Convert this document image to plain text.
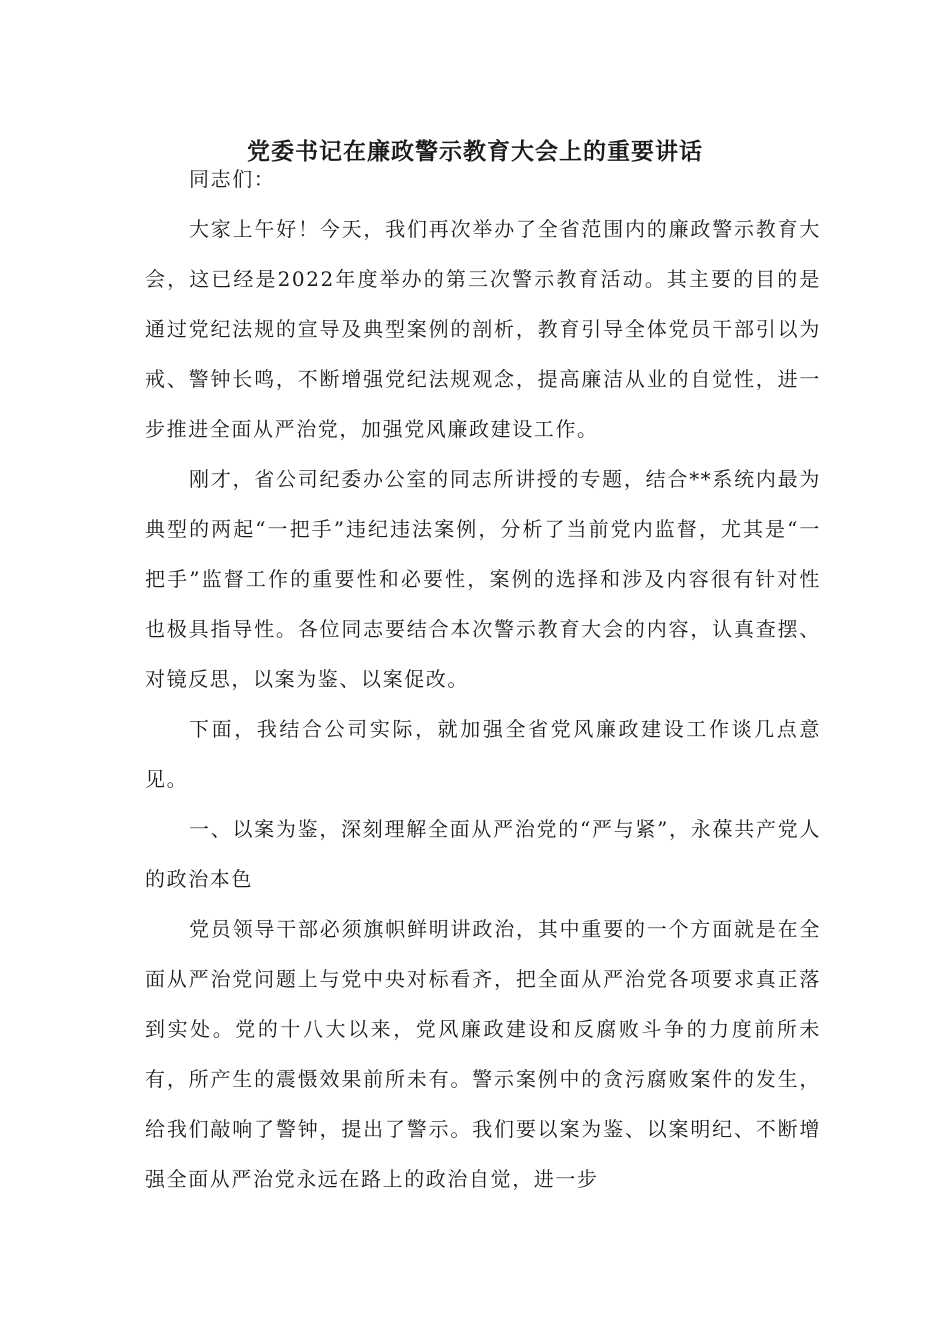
党委书记在廉政警示教育大会上的重要讲话

同志们：

大家上午好！今天，我们再次举办了全省范围内的廉政警示教育大会，这已经是2022年度举办的第三次警示教育活动。其主要的目的是通过党纪法规的宣导及典型案例的剖析，教育引导全体党员干部引以为戒、警钟长鸣，不断增强党纪法规观念，提高廉洁从业的自觉性，进一步推进全面从严治党，加强党风廉政建设工作。

刚才，省公司纪委办公室的同志所讲授的专题，结合**系统内最为典型的两起“一把手”违纪违法案例，分析了当前党内监督，尤其是“一把手”监督工作的重要性和必要性，案例的选择和涉及内容很有针对性也极具指导性。各位同志要结合本次警示教育大会的内容，认真查摆、对镜反思，以案为鉴、以案促改。

下面，我结合公司实际，就加强全省党风廉政建设工作谈几点意见。

一、以案为鉴，深刻理解全面从严治党的“严与紧”，永葆共产党人的政治本色

党员领导干部必须旗帜鲜明讲政治，其中重要的一个方面就是在全面从严治党问题上与党中央对标看齐，把全面从严治党各项要求真正落到实处。党的十八大以来，党风廉政建设和反腐败斗争的力度前所未有，所产生的震慑效果前所未有。警示案例中的贪污腐败案件的发生，给我们敲响了警钟，提出了警示。我们要以案为鉴、以案明纪、不断增强全面从严治党永远在路上的政治自觉，进一步
